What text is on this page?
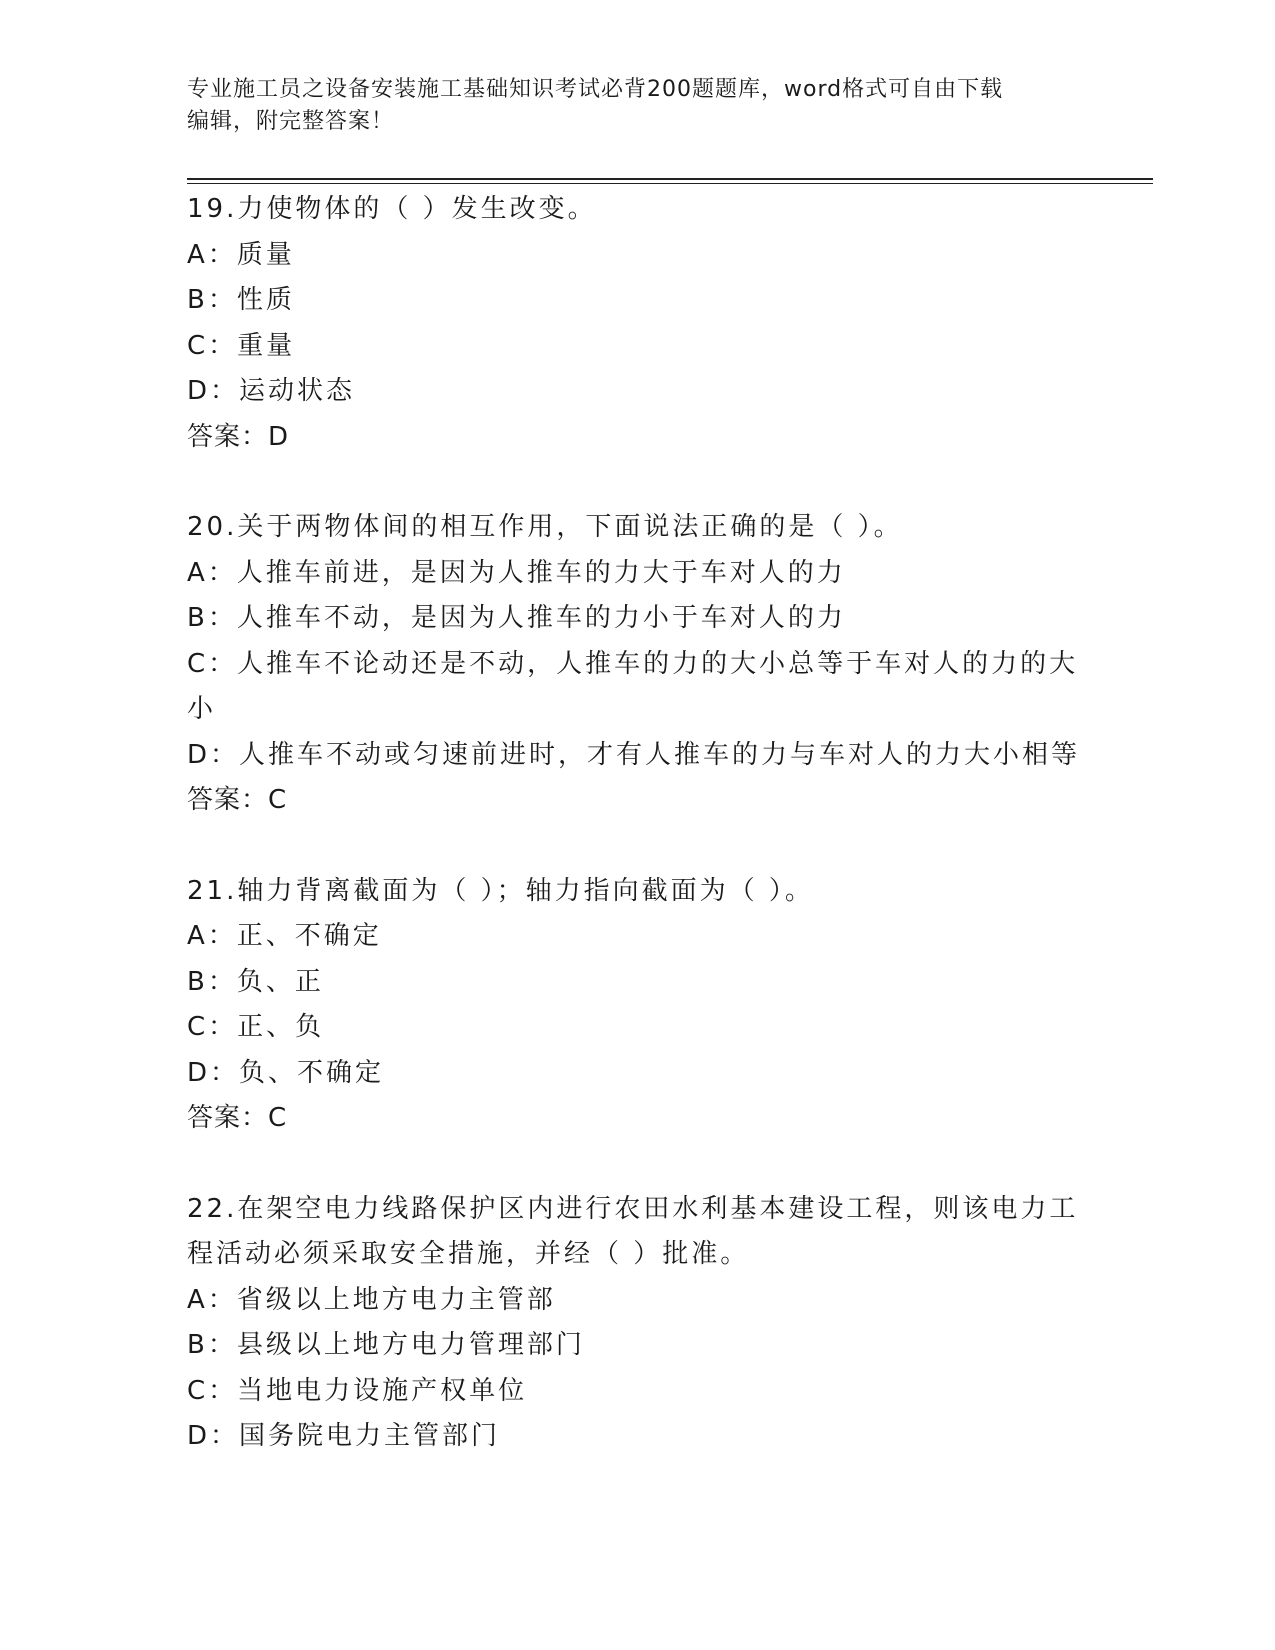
专业施工员之设备安装施工基础知识考试必背200题题库，word格式可自由下载
编辑，附完整答案！
19.力使物体的（ ）发生改变。
A：质量
B：性质
C：重量
D：运动状态
答案：D
20.关于两物体间的相互作用，下面说法正确的是（ ）。
A：人推车前进，是因为人推车的力大于车对人的力
B：人推车不动，是因为人推车的力小于车对人的力
C：人推车不论动还是不动，人推车的力的大小总等于车对人的力的大小
D：人推车不动或匀速前进时，才有人推车的力与车对人的力大小相等
答案：C
21.轴力背离截面为（ ）；轴力指向截面为（ ）。
A：正、不确定
B：负、正
C：正、负
D：负、不确定
答案：C
22.在架空电力线路保护区内进行农田水利基本建设工程，则该电力工程活动必须采取安全措施，并经（ ）批准。
A：省级以上地方电力主管部
B：县级以上地方电力管理部门
C：当地电力设施产权单位
D：国务院电力主管部门
